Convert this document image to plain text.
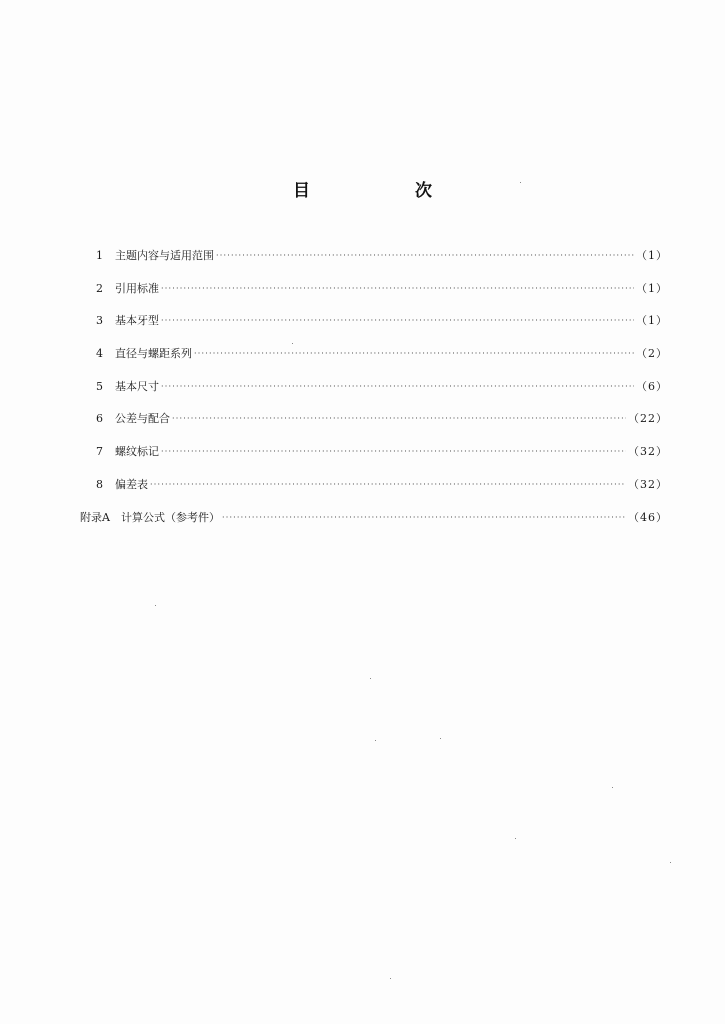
目　次
1	主题内容与适用范围 ·····	（1）
2	引用标准 ·····	（1）
3	基本牙型 ·····	（1）
4	直径与螺距系列 ·····	（2）
5	基本尺寸 ·····	（6）
6	公差与配合 ·····	（22）
7	螺纹标记 ·····	（32）
8	偏差表 ·····	（32）
附录A　计算公式（参考件） ·····	（46）
